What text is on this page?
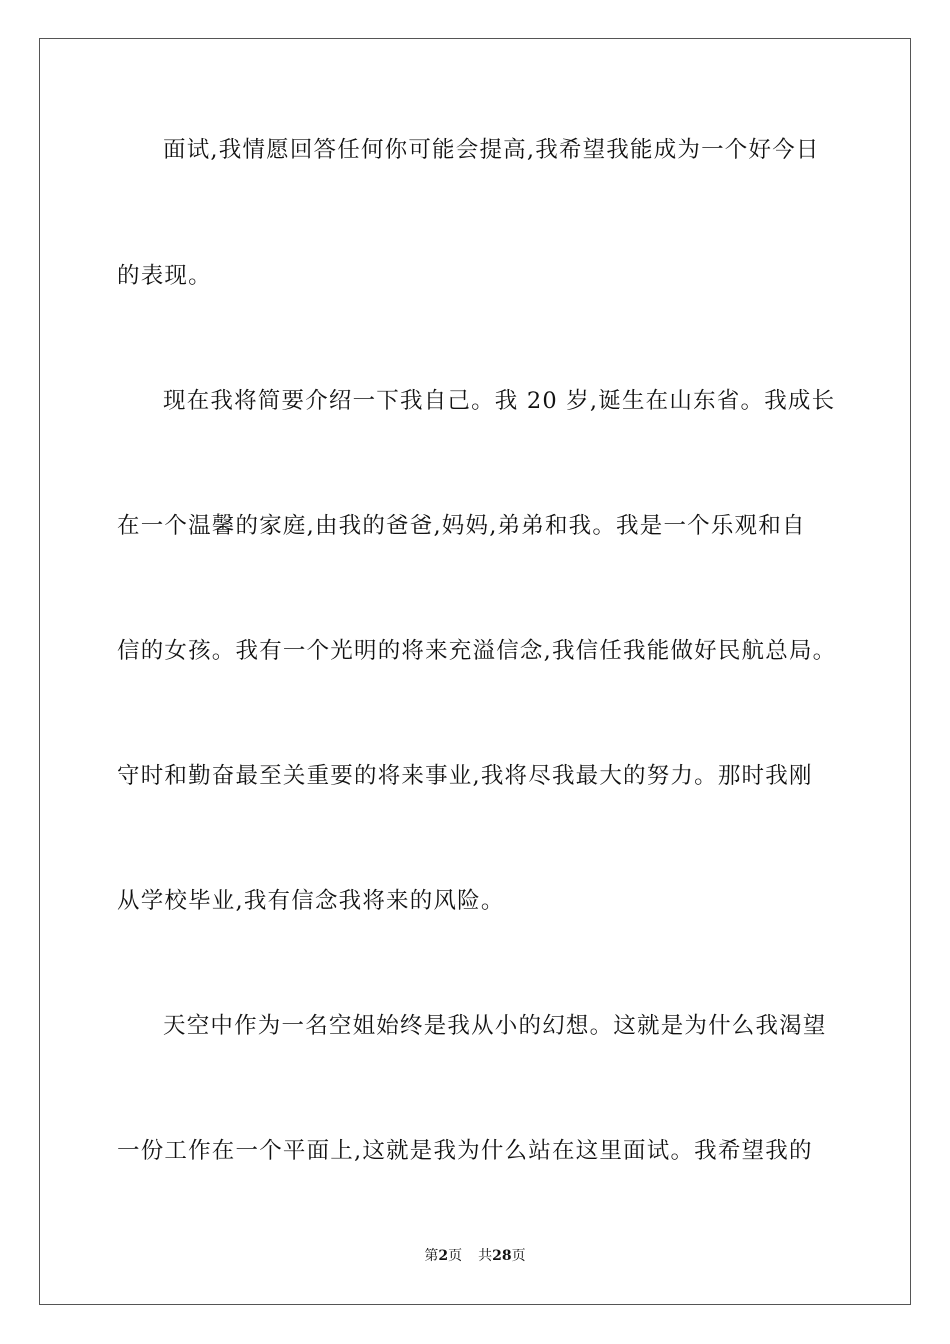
面试,我情愿回答任何你可能会提高,我希望我能成为一个好今日
的表现。
现在我将简要介绍一下我自己。我 20 岁,诞生在山东省。我成长
在一个温馨的家庭,由我的爸爸,妈妈,弟弟和我。我是一个乐观和自
信的女孩。我有一个光明的将来充溢信念,我信任我能做好民航总局。
守时和勤奋最至关重要的将来事业,我将尽我最大的努力。那时我刚
从学校毕业,我有信念我将来的风险。
天空中作为一名空姐始终是我从小的幻想。这就是为什么我渴望
一份工作在一个平面上,这就是我为什么站在这里面试。我希望我的
第2页 共28页
